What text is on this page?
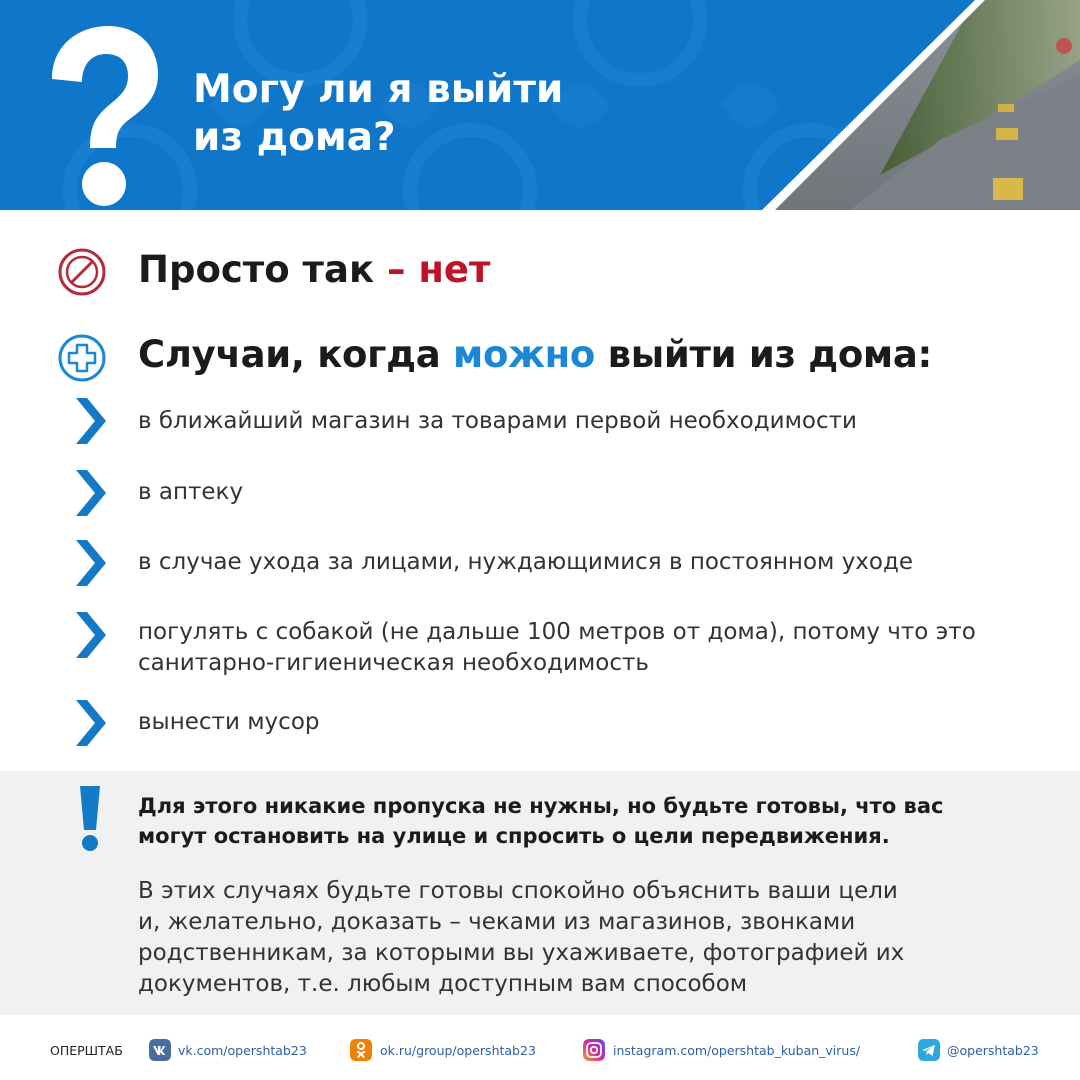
Могу ли я выйти
из дома?
Просто так – нет
Случаи, когда можно выйти из дома:
в ближайший магазин за товарами первой необходимости
в аптеку
в случае ухода за лицами, нуждающимися в постоянном уходе
погулять с собакой (не дальше 100 метров от дома), потому что это
санитарно-гигиеническая необходимость
вынести мусор
Для этого никакие пропуска не нужны, но будьте готовы, что вас
могут остановить на улице и спросить о цели передвижения.
В этих случаях будьте готовы спокойно объяснить ваши цели
и, желательно, доказать – чеками из магазинов, звонками
родственникам, за которыми вы ухаживаете, фотографией их
документов, т.е. любым доступным вам способом
ОПЕРШТАБ	vk.com/opershtab23	ok.ru/group/opershtab23	instagram.com/opershtab_kuban_virus/	@opershtab23
